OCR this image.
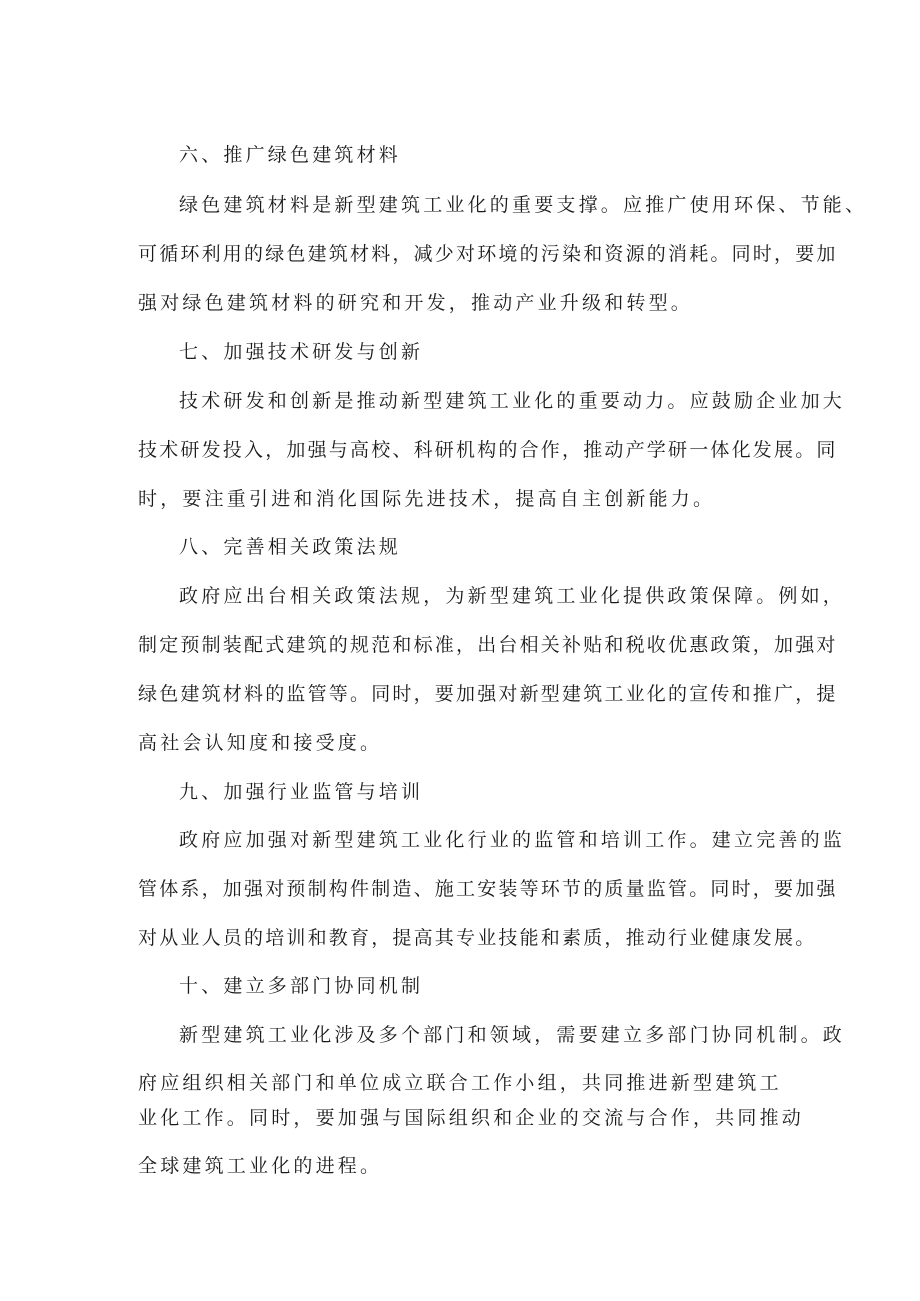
六、推广绿色建筑材料
绿色建筑材料是新型建筑工业化的重要支撑。应推广使用环保、节能、
可循环利用的绿色建筑材料，减少对环境的污染和资源的消耗。同时，要加
强对绿色建筑材料的研究和开发，推动产业升级和转型。
七、加强技术研发与创新
技术研发和创新是推动新型建筑工业化的重要动力。应鼓励企业加大
技术研发投入，加强与高校、科研机构的合作，推动产学研一体化发展。同
时，要注重引进和消化国际先进技术，提高自主创新能力。
八、完善相关政策法规
政府应出台相关政策法规，为新型建筑工业化提供政策保障。例如，
制定预制装配式建筑的规范和标准，出台相关补贴和税收优惠政策，加强对
绿色建筑材料的监管等。同时，要加强对新型建筑工业化的宣传和推广，提
高社会认知度和接受度。
九、加强行业监管与培训
政府应加强对新型建筑工业化行业的监管和培训工作。建立完善的监
管体系，加强对预制构件制造、施工安装等环节的质量监管。同时，要加强
对从业人员的培训和教育，提高其专业技能和素质，推动行业健康发展。
十、建立多部门协同机制
新型建筑工业化涉及多个部门和领域，需要建立多部门协同机制。政
府应组织相关部门和单位成立联合工作小组，共同推进新型建筑工
业化工作。同时，要加强与国际组织和企业的交流与合作，共同推动
全球建筑工业化的进程。
